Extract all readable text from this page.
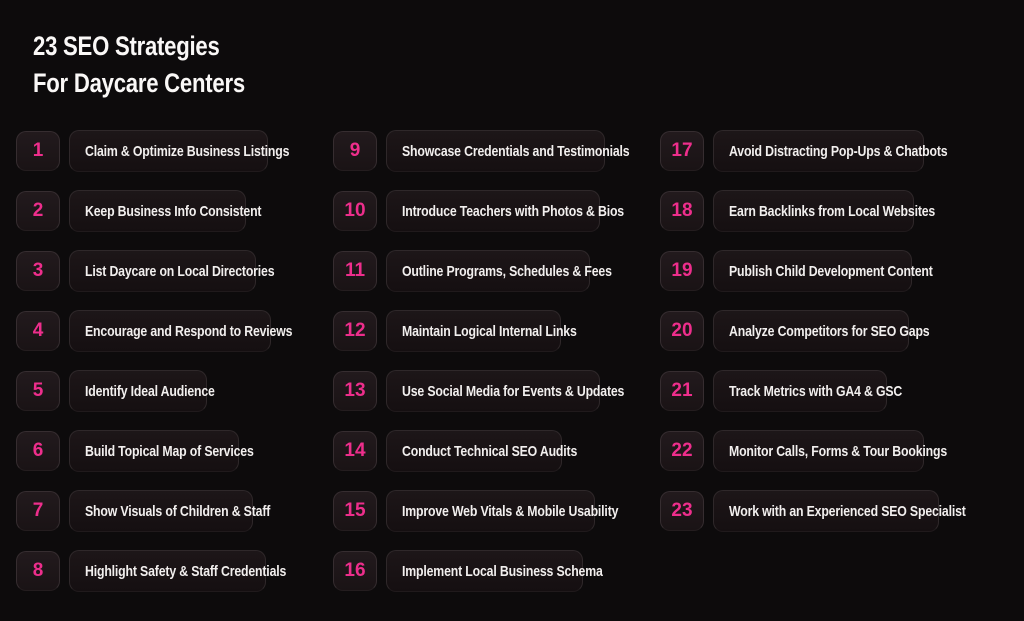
23 SEO Strategies
For Daycare Centers
LINKGRAPH
1	Claim & Optimize Business Listings
2	Keep Business Info Consistent
3	List Daycare on Local Directories
4	Encourage and Respond to Reviews
5	Identify Ideal Audience
6	Build Topical Map of Services
7	Show Visuals of Children & Staff
8	Highlight Safety & Staff Credentials
9	Showcase Credentials and Testimonials
10 Introduce Teachers with Photos & Bios
11 Outline Programs, Schedules & Fees
12 Maintain Logical Internal Links
13 Use Social Media for Events & Updates
14 Conduct Technical SEO Audits
15 Improve Web Vitals & Mobile Usability
16 Implement Local Business Schema
17 Avoid Distracting Pop-Ups & Chatbots
18 Earn Backlinks from Local Websites
19 Publish Child Development Content
20 Analyze Competitors for SEO Gaps
21 Track Metrics with GA4 & GSC
22 Monitor Calls, Forms & Tour Bookings
23 Work with an Experienced SEO Specialist
